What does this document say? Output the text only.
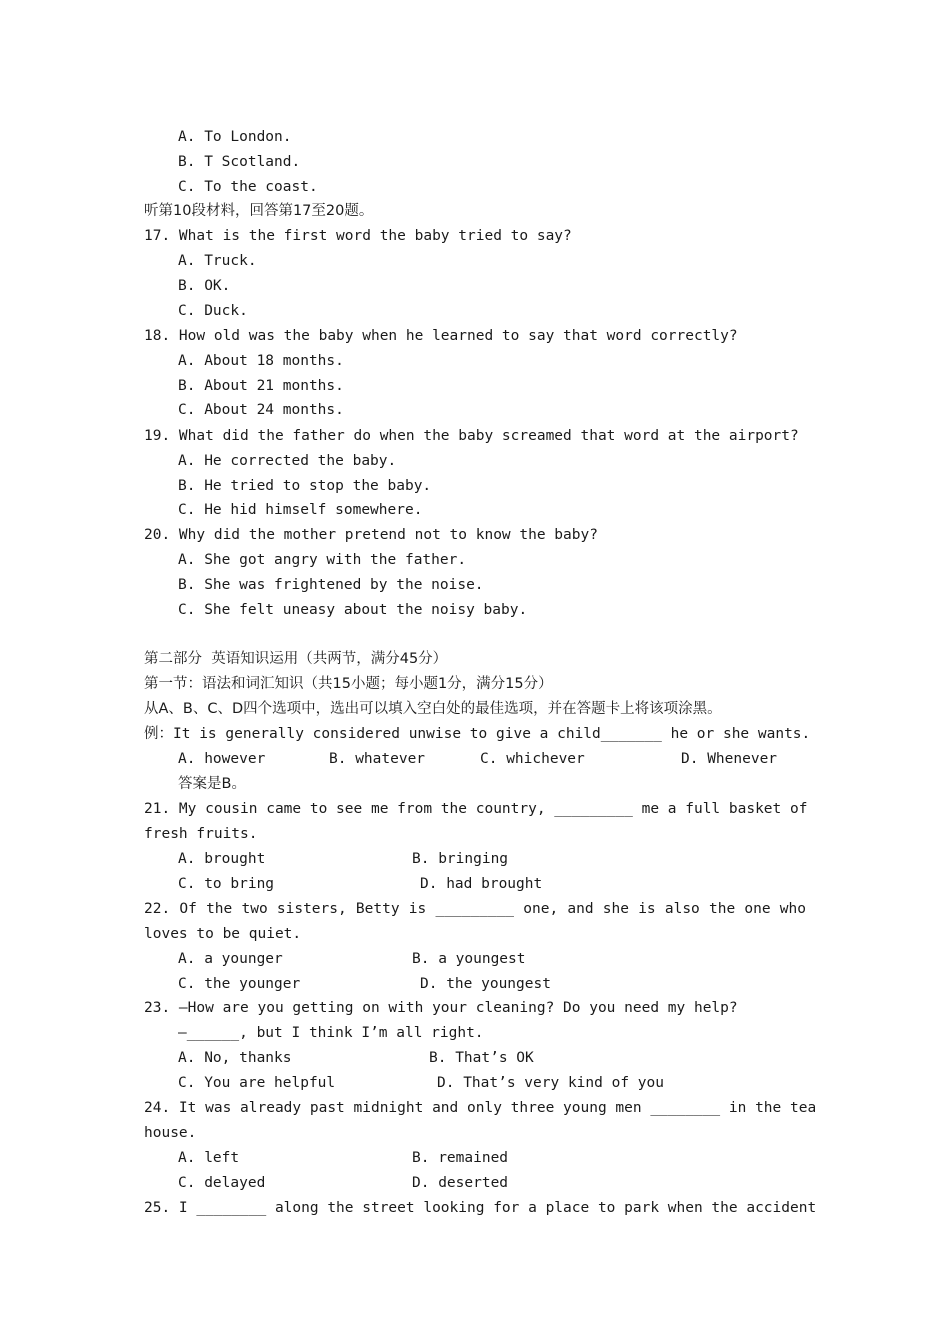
A. To London.
B. T Scotland.
C. To the coast.
听第10段材料，回答第17至20题。
17. What is the first word the baby tried to say?
A. Truck.
B. OK.
C. Duck.
18. How old was the baby when he learned to say that word correctly?
A. About 18 months.
B. About 21 months.
C. About 24 months.
19. What did the father do when the baby screamed that word at the airport?
A. He corrected the baby.
B. He tried to stop the baby.
C. He hid himself somewhere.
20. Why did the mother pretend not to know the baby?
A. She got angry with the father.
B. She was frightened by the noise.
C. She felt uneasy about the noisy baby.
第二部分  英语知识运用（共两节，满分45分）
第一节：语法和词汇知识（共15小题；每小题1分，满分15分）
从A、B、C、D四个选项中，选出可以填入空白处的最佳选项，并在答题卡上将该项涂黑。
例：It is generally considered unwise to give a child_______ he or she wants.
A. however	B. whatever	C. whichever	D. Whenever
答案是B。
21. My cousin came to see me from the country, _________ me a full basket of
fresh fruits.
A. brought	B. bringing
C. to bring	D. had brought
22. Of the two sisters, Betty is _________ one, and she is also the one who
loves to be quiet.
A. a younger	B. a youngest
C. the younger	D. the youngest
23. —How are you getting on with your cleaning? Do you need my help?
—______, but I think I’m all right.
A. No, thanks	B. That’s OK
C. You are helpful	D. That’s very kind of you
24. It was already past midnight and only three young men ________ in the tea
house.
A. left	B. remained
C. delayed	D. deserted
25. I ________ along the street looking for a place to park when the accident
